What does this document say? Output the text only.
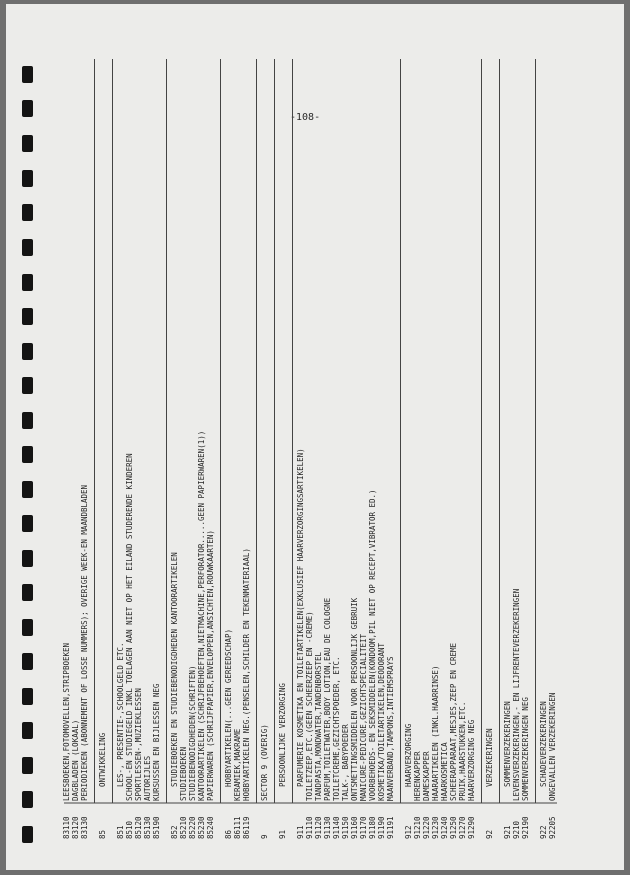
-108-
83110
LEESBOEKEN,FOTOMOVELLEN,STRIPBOEKEN
83120
DAGBLADEN (LOKAAL)
83130
PERIODIEKEN (ABONNEMENT OF LOSSE NUMMERS); OVERIGE WEEK-EN MAANDBLADEN
85
ONTWIKKELING
851
LES-, PRESENTIE-,SCHOOLGELD ETC.
8510
SCHOOL-EN STUDIEGELD INKL TOELAGEN AAN NIET OP HET EILAND STUDERENDE KINDEREN
85120
SPORTLESSEN-,MUZIEKLESSEN
85130
AUTORIJLES
85190
KURSUSSEN EN BIJLESSEN NEG
852
STUDIEBOEKEN EN STUDIEBENODIGDHEDEN KANTOORARTIKELEN
85210
STUDIEBOEKEN
85220
STUDIEBENODIGDHEDEN(SCHRIFTEN)
85230
KANTOORARTIKELEN (SCHRIJFBEHOEFTEN,NIETMACHINE,PERFORATOR.....GEEN PAPIERWAREN(1))
85240
PAPIERWAREN (SCHRIJFPAPIER,ENVELOPPEN,ANSICHTEN,ROUWKAARTEN)
86
HOBBYARTIKELEN(...GEEN GEREEDSCHAP)
86111
KERAMIEK,MAKRAME
86119
HOBBYARTIKELEN NEG.(PENSELEN,SCHILDER EN TEKENMATERIAAL)
9
SECTOR 9 (OVERIG)
91
PERSOONLIJKE VERZORGING
911
PARFUMERIE KOSMETIKA EN TOILETARTIKELEN(EXKLUSIEF HAARVERZORGINGSARTIKELEN)
91110
TOILETZEEP,ETC.(GEEN SCHEERZEEP EN -CREME)
91120
TANDPASTA,MONDWATER,TANDENBORSTEL
91130
PARFUM,TOILETWATER,BODY LOTION,EAU DE COLOGNE
91140
TOILETCREME,GEZICHTSPOEDER, ETC.
91150
TALK-, BABYPOEDER
91160
ONTSMETTINGSMIDDELEN VOOR PERSOONLIJK GEBRUIK
91170
MANICURE-PEDICURE,GEZICHTSPECIALITEIT
91180
VOORBEHOEDS- EN SEKSMIDDELEN(KONDOOM,PIL NIET OP RECEPT,VIBRATOR ED.)
91190
KOSMETIKA/TOILETARTIKELEN,DEODORANT
91191
MAANVERBAND,TAMPONS,INTIEMSPRAYS
912
HAARVERZORGING
91210
HERENKAPPER
91220
DAMESKAPPER
91230
HAARARTIKELEN (INKL.HAARRINSE)
91240
HAARKOSMETICA
91250
SCHEERAPPARAAT,MESJES,ZEEP EN CREME
91270
PRUIK,HAARSTUKKEN,ETC.
91290
HAARVERZORGING NEG
92
VERZEKERINGEN
921
SOMMENVERZEKERINGEN
9210
LEVENSVERZEKERINGEN,- EN LIJFRENTEVERZEKERINGEN
92190
SOMMENVERZEKERINGEN NEG
922
SCHADEVERZEKERINGEN
92205
ONGEVALLEN VERZEKERINGEN
